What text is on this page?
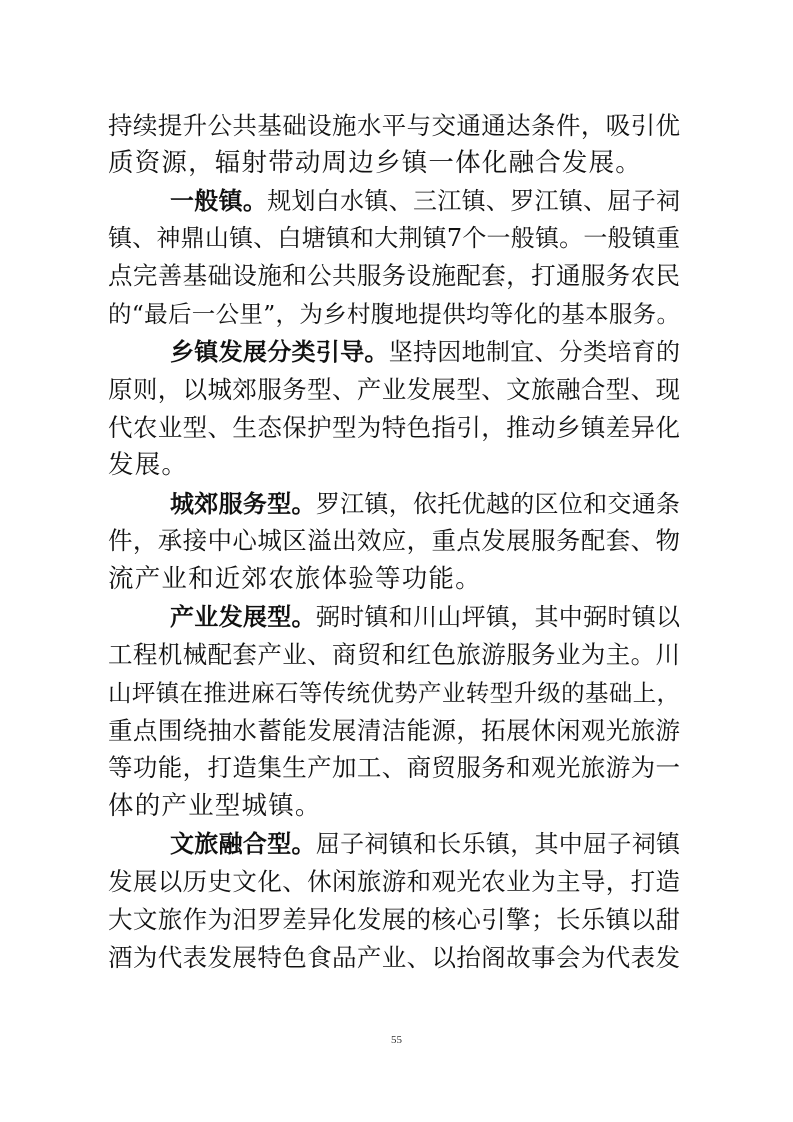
持续提升公共基础设施水平与交通通达条件，吸引优
质资源，辐射带动周边乡镇一体化融合发展。
一般镇。规划白水镇、三江镇、罗江镇、屈子祠
镇、神鼎山镇、白塘镇和大荆镇7个一般镇。一般镇重
点完善基础设施和公共服务设施配套，打通服务农民
的“最后一公里”，为乡村腹地提供均等化的基本服务。
乡镇发展分类引导。坚持因地制宜、分类培育的
原则，以城郊服务型、产业发展型、文旅融合型、现
代农业型、生态保护型为特色指引，推动乡镇差异化
发展。
城郊服务型。罗江镇，依托优越的区位和交通条
件，承接中心城区溢出效应，重点发展服务配套、物
流产业和近郊农旅体验等功能。
产业发展型。弼时镇和川山坪镇，其中弼时镇以
工程机械配套产业、商贸和红色旅游服务业为主。川
山坪镇在推进麻石等传统优势产业转型升级的基础上，
重点围绕抽水蓄能发展清洁能源，拓展休闲观光旅游
等功能，打造集生产加工、商贸服务和观光旅游为一
体的产业型城镇。
文旅融合型。屈子祠镇和长乐镇，其中屈子祠镇
发展以历史文化、休闲旅游和观光农业为主导，打造
大文旅作为汨罗差异化发展的核心引擎；长乐镇以甜
酒为代表发展特色食品产业、以抬阁故事会为代表发
55
